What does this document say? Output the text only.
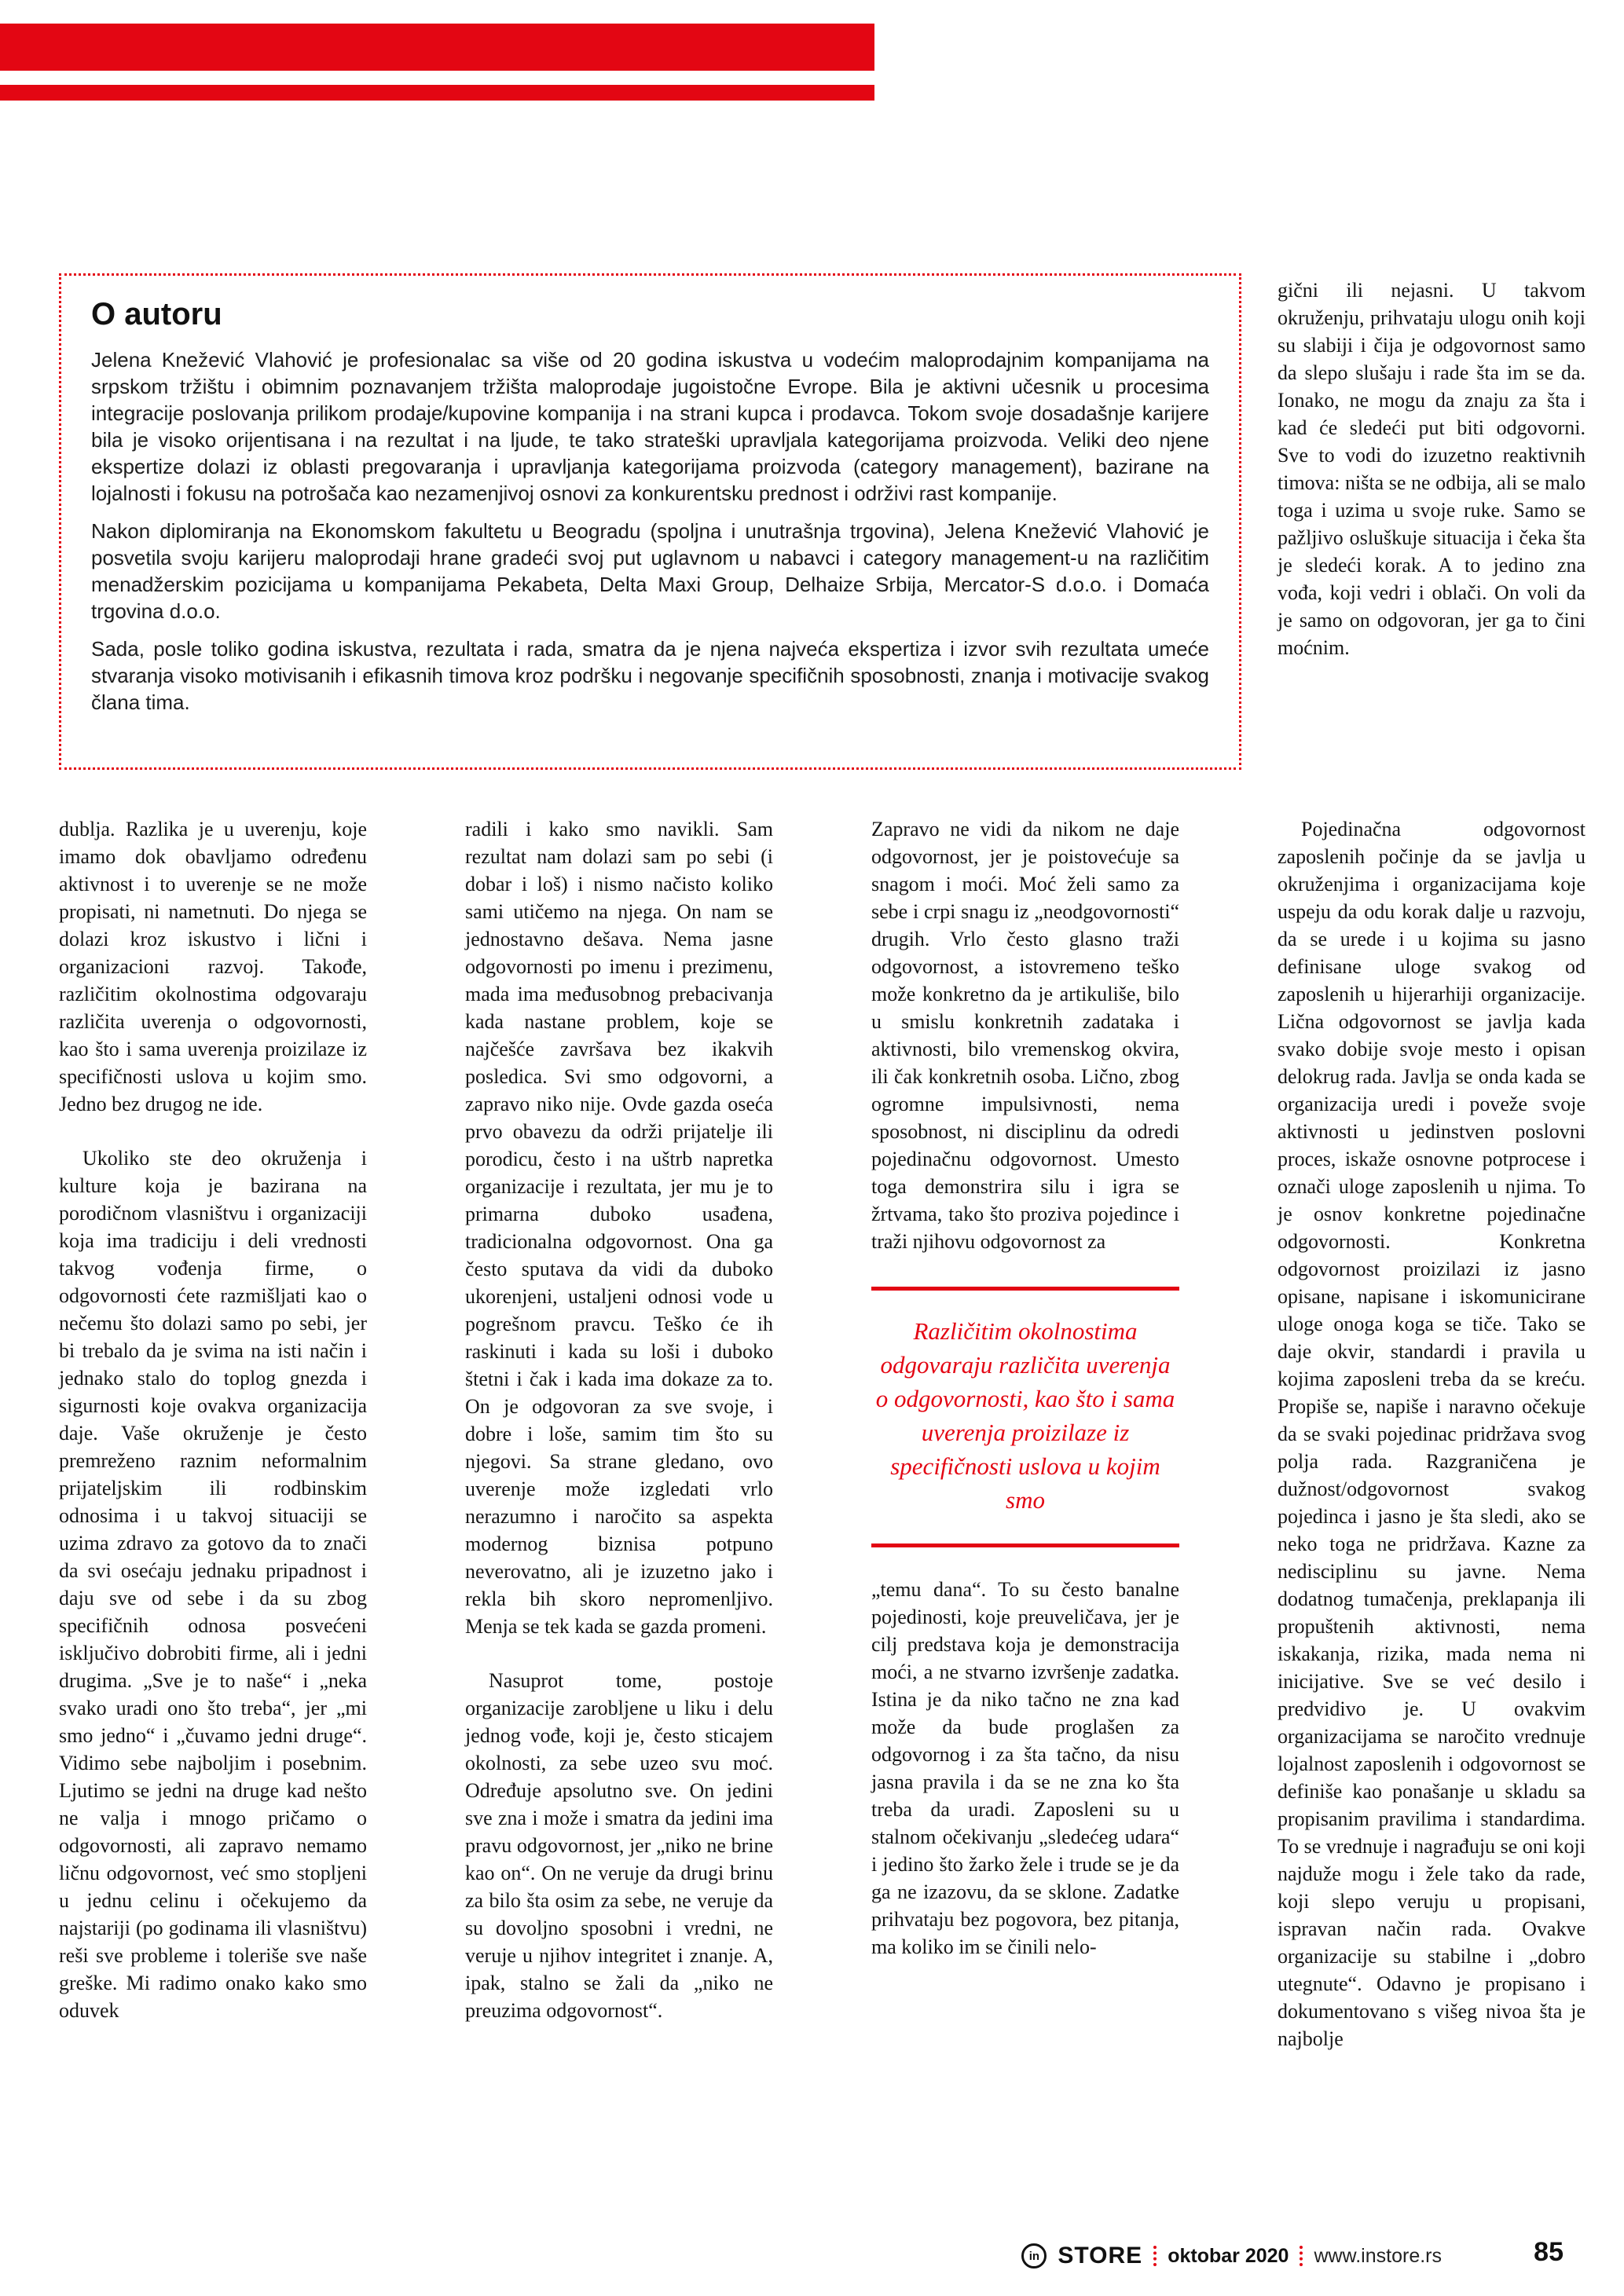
O autoru

Jelena Knežević Vlahović je profesionalac sa više od 20 godina iskustva u vodećim maloprodajnim kompanijama na srpskom tržištu i obimnim poznavanjem tržišta maloprodaje jugoistočne Evrope. Bila je aktivni učesnik u procesima integracije poslovanja prilikom prodaje/kupovine kompanija i na strani kupca i prodavca. Tokom svoje dosadašnje karijere bila je visoko orijentisana i na rezultat i na ljude, te tako strateški upravljala kategorijama proizvoda. Veliki deo njene ekspertize dolazi iz oblasti pregovaranja i upravljanja kategorijama proizvoda (category management), bazirane na lojalnosti i fokusu na potrošača kao nezamenjivoj osnovi za konkurentsku prednost i održivi rast kompanije.

Nakon diplomiranja na Ekonomskom fakultetu u Beogradu (spoljna i unutrašnja trgovina), Jelena Knežević Vlahović je posvetila svoju karijeru maloprodaji hrane gradeći svoj put uglavnom u nabavci i category management-u na različitim menadžerskim pozicijama u kompanijama Pekabeta, Delta Maxi Group, Delhaize Srbija, Mercator-S d.o.o. i Domaća trgovina d.o.o.

Sada, posle toliko godina iskustva, rezultata i rada, smatra da je njena najveća ekspertiza i izvor svih rezultata umeće stvaranja visoko motivisanih i efikasnih timova kroz podršku i negovanje specifičnih sposobnosti, znanja i motivacije svakog člana tima.

gični ili nejasni. U takvom okruženju, prihvataju ulogu onih koji su slabiji i čija je odgovornost samo da slepo slušaju i rade šta im se da. Ionako, ne mogu da znaju za šta i kad će sledeći put biti odgovorni. Sve to vodi do izuzetno reaktivnih timova: ništa se ne odbija, ali se malo toga i uzima u svoje ruke. Samo se pažljivo osluškuje situacija i čeka šta je sledeći korak. A to jedino zna vođa, koji vedri i oblači. On voli da je samo on odgovoran, jer ga to čini moćnim.

dublja. Razlika je u uverenju, koje imamo dok obavljamo određenu aktivnost i to uverenje se ne može propisati, ni nametnuti. Do njega se dolazi kroz iskustvo i lični i organizacioni razvoj. Takođe, različitim okolnostima odgovaraju različita uverenja o odgovornosti, kao što i sama uverenja proizilaze iz specifičnosti uslova u kojim smo. Jedno bez drugog ne ide.

Ukoliko ste deo okruženja i kulture koja je bazirana na porodičnom vlasništvu i organizaciji koja ima tradiciju i deli vrednosti takvog vođenja firme, o odgovornosti ćete razmišljati kao o nečemu što dolazi samo po sebi, jer bi trebalo da je svima na isti način i jednako stalo do toplog gnezda i sigurnosti koje ovakva organizacija daje. Vaše okruženje je često premreženo raznim neformalnim prijateljskim ili rodbinskim odnosima i u takvoj situaciji se uzima zdravo za gotovo da to znači da svi osećaju jednaku pripadnost i daju sve od sebe i da su zbog specifičnih odnosa posvećeni isključivo dobrobiti firme, ali i jedni drugima. „Sve je to naše“ i „neka svako uradi ono što treba“, jer „mi smo jedno“ i „čuvamo jedni druge“. Vidimo sebe najboljim i posebnim. Ljutimo se jedni na druge kad nešto ne valja i mnogo pričamo o odgovornosti, ali zapravo nemamo ličnu odgovornost, već smo stopljeni u jednu celinu i očekujemo da najstariji (po godinama ili vlasništvu) reši sve probleme i toleriše sve naše greške. Mi radimo onako kako smo oduvek

radili i kako smo navikli. Sam rezultat nam dolazi sam po sebi (i dobar i loš) i nismo načisto koliko sami utičemo na njega. On nam se jednostavno dešava. Nema jasne odgovornosti po imenu i prezimenu, mada ima međusobnog prebacivanja kada nastane problem, koje se najčešće završava bez ikakvih posledica. Svi smo odgovorni, a zapravo niko nije. Ovde gazda oseća prvo obavezu da održi prijatelje ili porodicu, često i na uštrb napretka organizacije i rezultata, jer mu je to primarna duboko usađena, tradicionalna odgovornost. Ona ga često sputava da vidi da duboko ukorenjeni, ustaljeni odnosi vode u pogrešnom pravcu. Teško će ih raskinuti i kada su loši i duboko štetni i čak i kada ima dokaze za to. On je odgovoran za sve svoje, i dobre i loše, samim tim što su njegovi. Sa strane gledano, ovo uverenje može izgledati vrlo nerazumno i naročito sa aspekta modernog biznisa potpuno neverovatno, ali je izuzetno jako i rekla bih skoro nepromenljivo. Menja se tek kada se gazda promeni.

Nasuprot tome, postoje organizacije zarobljene u liku i delu jednog vođe, koji je, često sticajem okolnosti, za sebe uzeo svu moć. Određuje apsolutno sve. On jedini sve zna i može i smatra da jedini ima pravu odgovornost, jer „niko ne brine kao on“. On ne veruje da drugi brinu za bilo šta osim za sebe, ne veruje da su dovoljno sposobni i vredni, ne veruje u njihov integritet i znanje. A, ipak, stalno se žali da „niko ne preuzima odgovornost“.

Zapravo ne vidi da nikom ne daje odgovornost, jer je poistovećuje sa snagom i moći. Moć želi samo za sebe i crpi snagu iz „neodgovornosti“ drugih. Vrlo često glasno traži odgovornost, a istovremeno teško može konkretno da je artikuliše, bilo u smislu konkretnih zadataka i aktivnosti, bilo vremenskog okvira, ili čak konkretnih osoba. Lično, zbog ogromne impulsivnosti, nema sposobnost, ni disciplinu da odredi pojedinačnu odgovornost. Umesto toga demonstrira silu i igra se žrtvama, tako što proziva pojedince i traži njihovu odgovornost za

Različitim okolnostima odgovaraju različita uverenja o odgovornosti, kao što i sama uverenja proizilaze iz specifičnosti uslova u kojim smo

„temu dana“. To su često banalne pojedinosti, koje preuveličava, jer je cilj predstava koja je demonstracija moći, a ne stvarno izvršenje zadatka. Istina je da niko tačno ne zna kad može da bude proglašen za odgovornog i za šta tačno, da nisu jasna pravila i da se ne zna ko šta treba da uradi. Zaposleni su u stalnom očekivanju „sledećeg udara“ i jedino što žarko žele i trude se je da ga ne izazovu, da se sklone. Zadatke prihvataju bez pogovora, bez pitanja, ma koliko im se činili nelo-

Pojedinačna odgovornost zaposlenih počinje da se javlja u okruženjima i organizacijama koje uspeju da odu korak dalje u razvoju, da se urede i u kojima su jasno definisane uloge svakog od zaposlenih u hijerarhiji organizacije. Lična odgovornost se javlja kada svako dobije svoje mesto i opisan delokrug rada. Javlja se onda kada se organizacija uredi i poveže svoje aktivnosti u jedinstven poslovni proces, iskaže osnovne potprocese i označi uloge zaposlenih u njima. To je osnov konkretne pojedinačne odgovornosti. Konkretna odgovornost proizilazi iz jasno opisane, napisane i iskomunicirane uloge onoga koga se tiče. Tako se daje okvir, standardi i pravila u kojima zaposleni treba da se kreću. Propiše se, napiše i naravno očekuje da se svaki pojedinac pridržava svog polja rada. Razgraničena je dužnost/odgovornost svakog pojedinca i jasno je šta sledi, ako se neko toga ne pridržava. Kazne za nedisciplinu su javne. Nema dodatnog tumačenja, preklapanja ili propuštenih aktivnosti, nema iskakanja, rizika, mada nema ni inicijative. Sve se već desilo i predvidivo je. U ovakvim organizacijama se naročito vrednuje lojalnost zaposlenih i odgovornost se definiše kao ponašanje u skladu sa propisanim pravilima i standardima. To se vrednuje i nagrađuju se oni koji najduže mogu i žele tako da rade, koji slepo veruju u propisani, ispravan način rada. Ovakve organizacije su stabilne i „dobro utegnute“. Odavno je propisano i dokumentovano s višeg nivoa šta je najbolje

in STORE oktobar 2020 www.instore.rs	85
